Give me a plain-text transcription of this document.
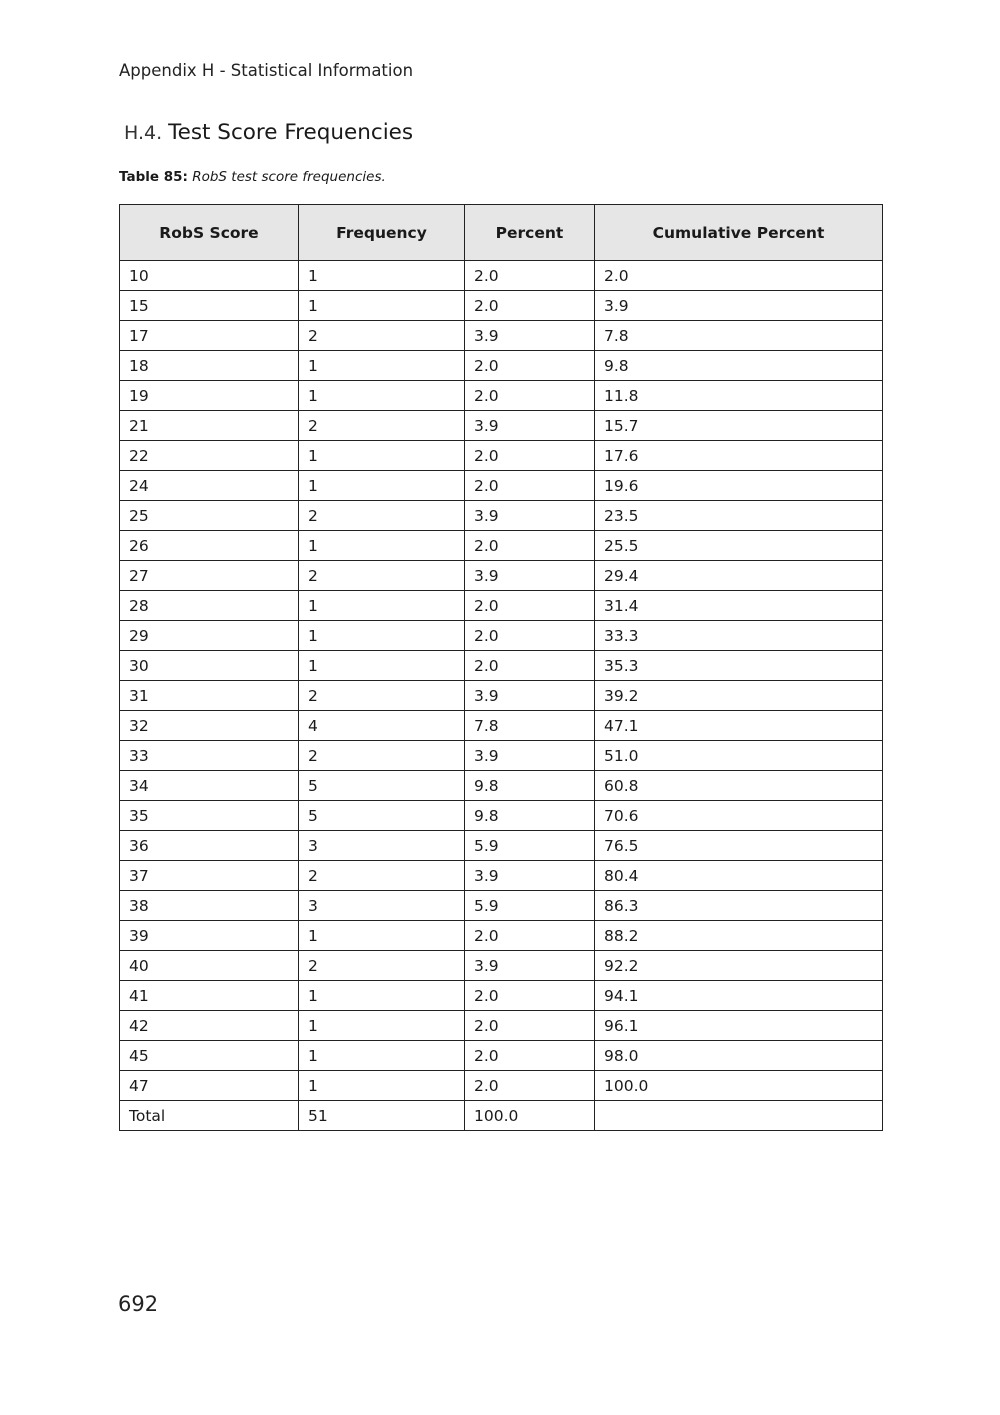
Appendix H - Statistical Information
H.4. Test Score Frequencies
Table 85: RobS test score frequencies.
RobS Score	Frequency	Percent	Cumulative Percent
10	1	2.0	2.0
15	1	2.0	3.9
17	2	3.9	7.8
18	1	2.0	9.8
19	1	2.0	11.8
21	2	3.9	15.7
22	1	2.0	17.6
24	1	2.0	19.6
25	2	3.9	23.5
26	1	2.0	25.5
27	2	3.9	29.4
28	1	2.0	31.4
29	1	2.0	33.3
30	1	2.0	35.3
31	2	3.9	39.2
32	4	7.8	47.1
33	2	3.9	51.0
34	5	9.8	60.8
35	5	9.8	70.6
36	3	5.9	76.5
37	2	3.9	80.4
38	3	5.9	86.3
39	1	2.0	88.2
40	2	3.9	92.2
41	1	2.0	94.1
42	1	2.0	96.1
45	1	2.0	98.0
47	1	2.0	100.0
Total	51	100.0	
692
